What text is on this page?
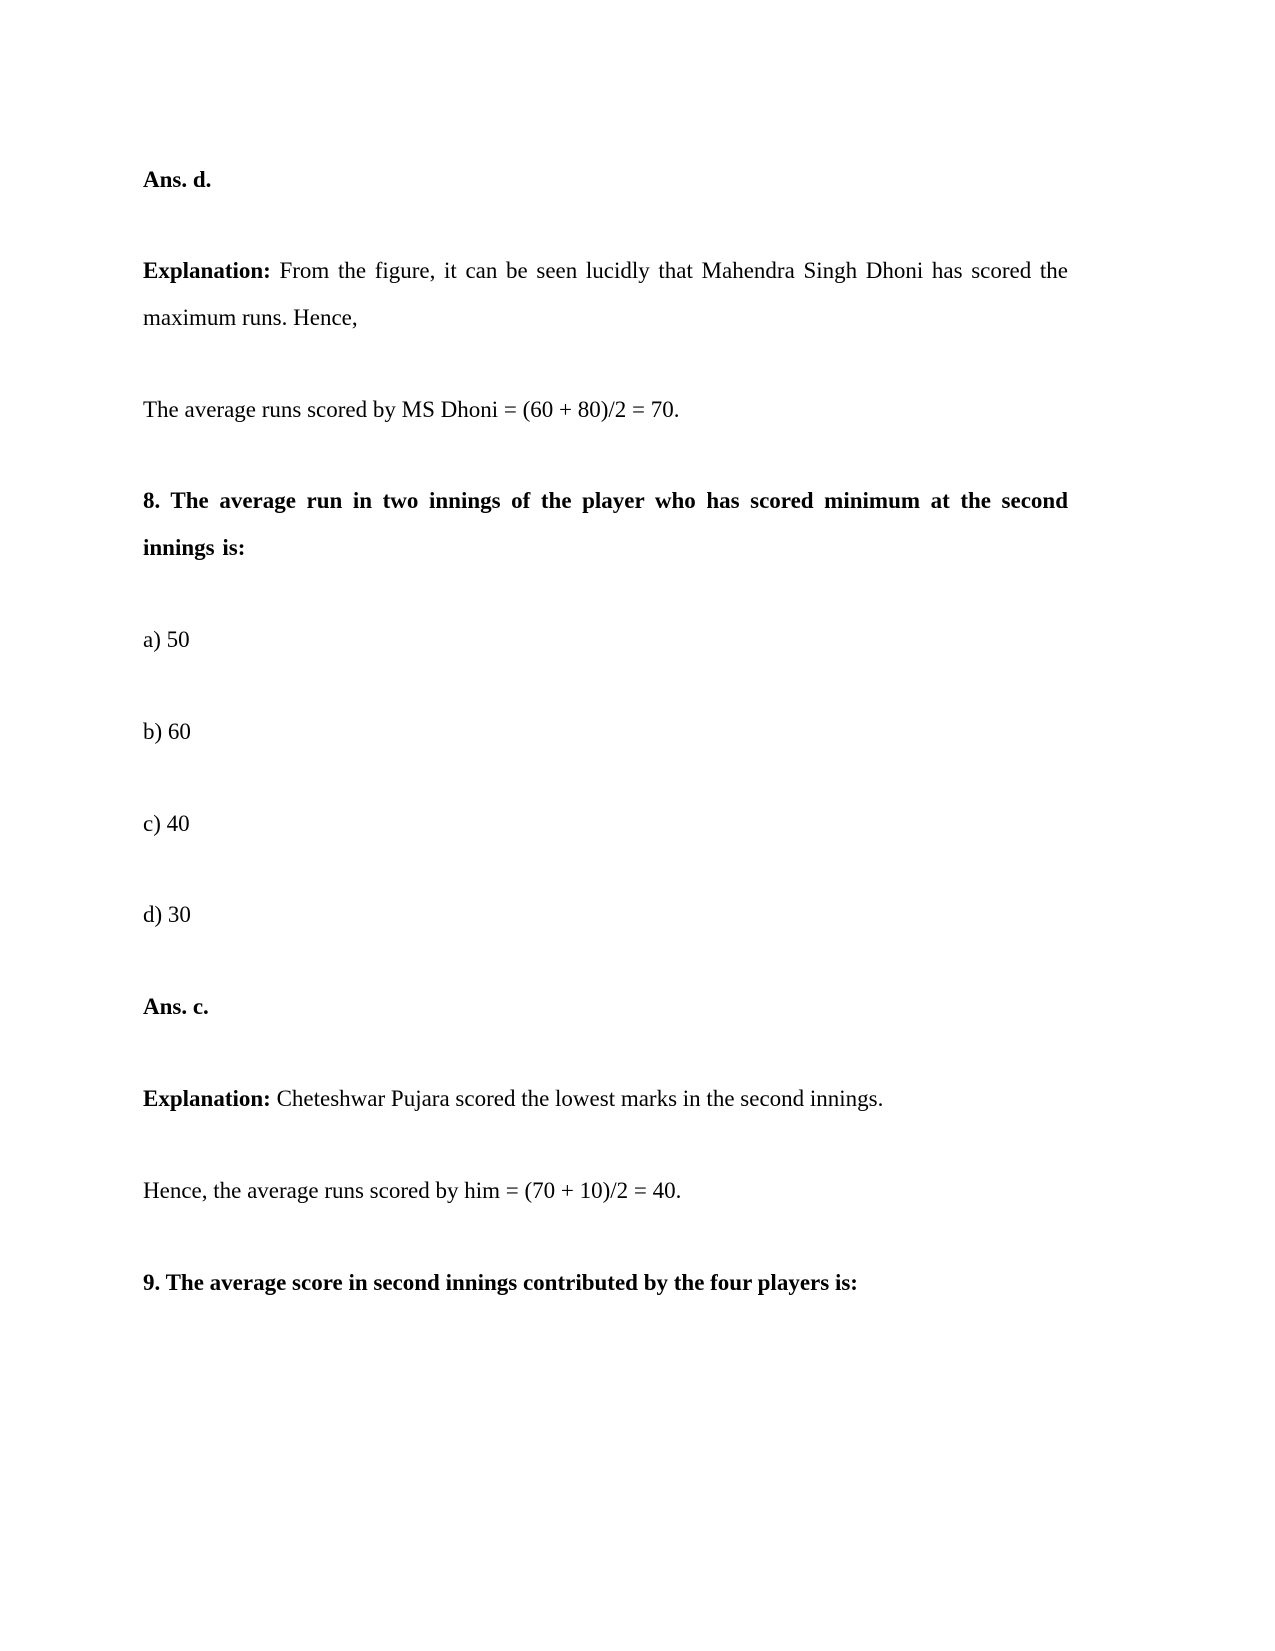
Ans. d.
Explanation: From the figure, it can be seen lucidly that Mahendra Singh Dhoni has scored the maximum runs. Hence,
The average runs scored by MS Dhoni = (60 + 80)/2 = 70.
8. The average run in two innings of the player who has scored minimum at the second innings is:
a) 50
b) 60
c) 40
d) 30
Ans. c.
Explanation: Cheteshwar Pujara scored the lowest marks in the second innings.
Hence, the average runs scored by him = (70 + 10)/2 = 40.
9. The average score in second innings contributed by the four players is:
